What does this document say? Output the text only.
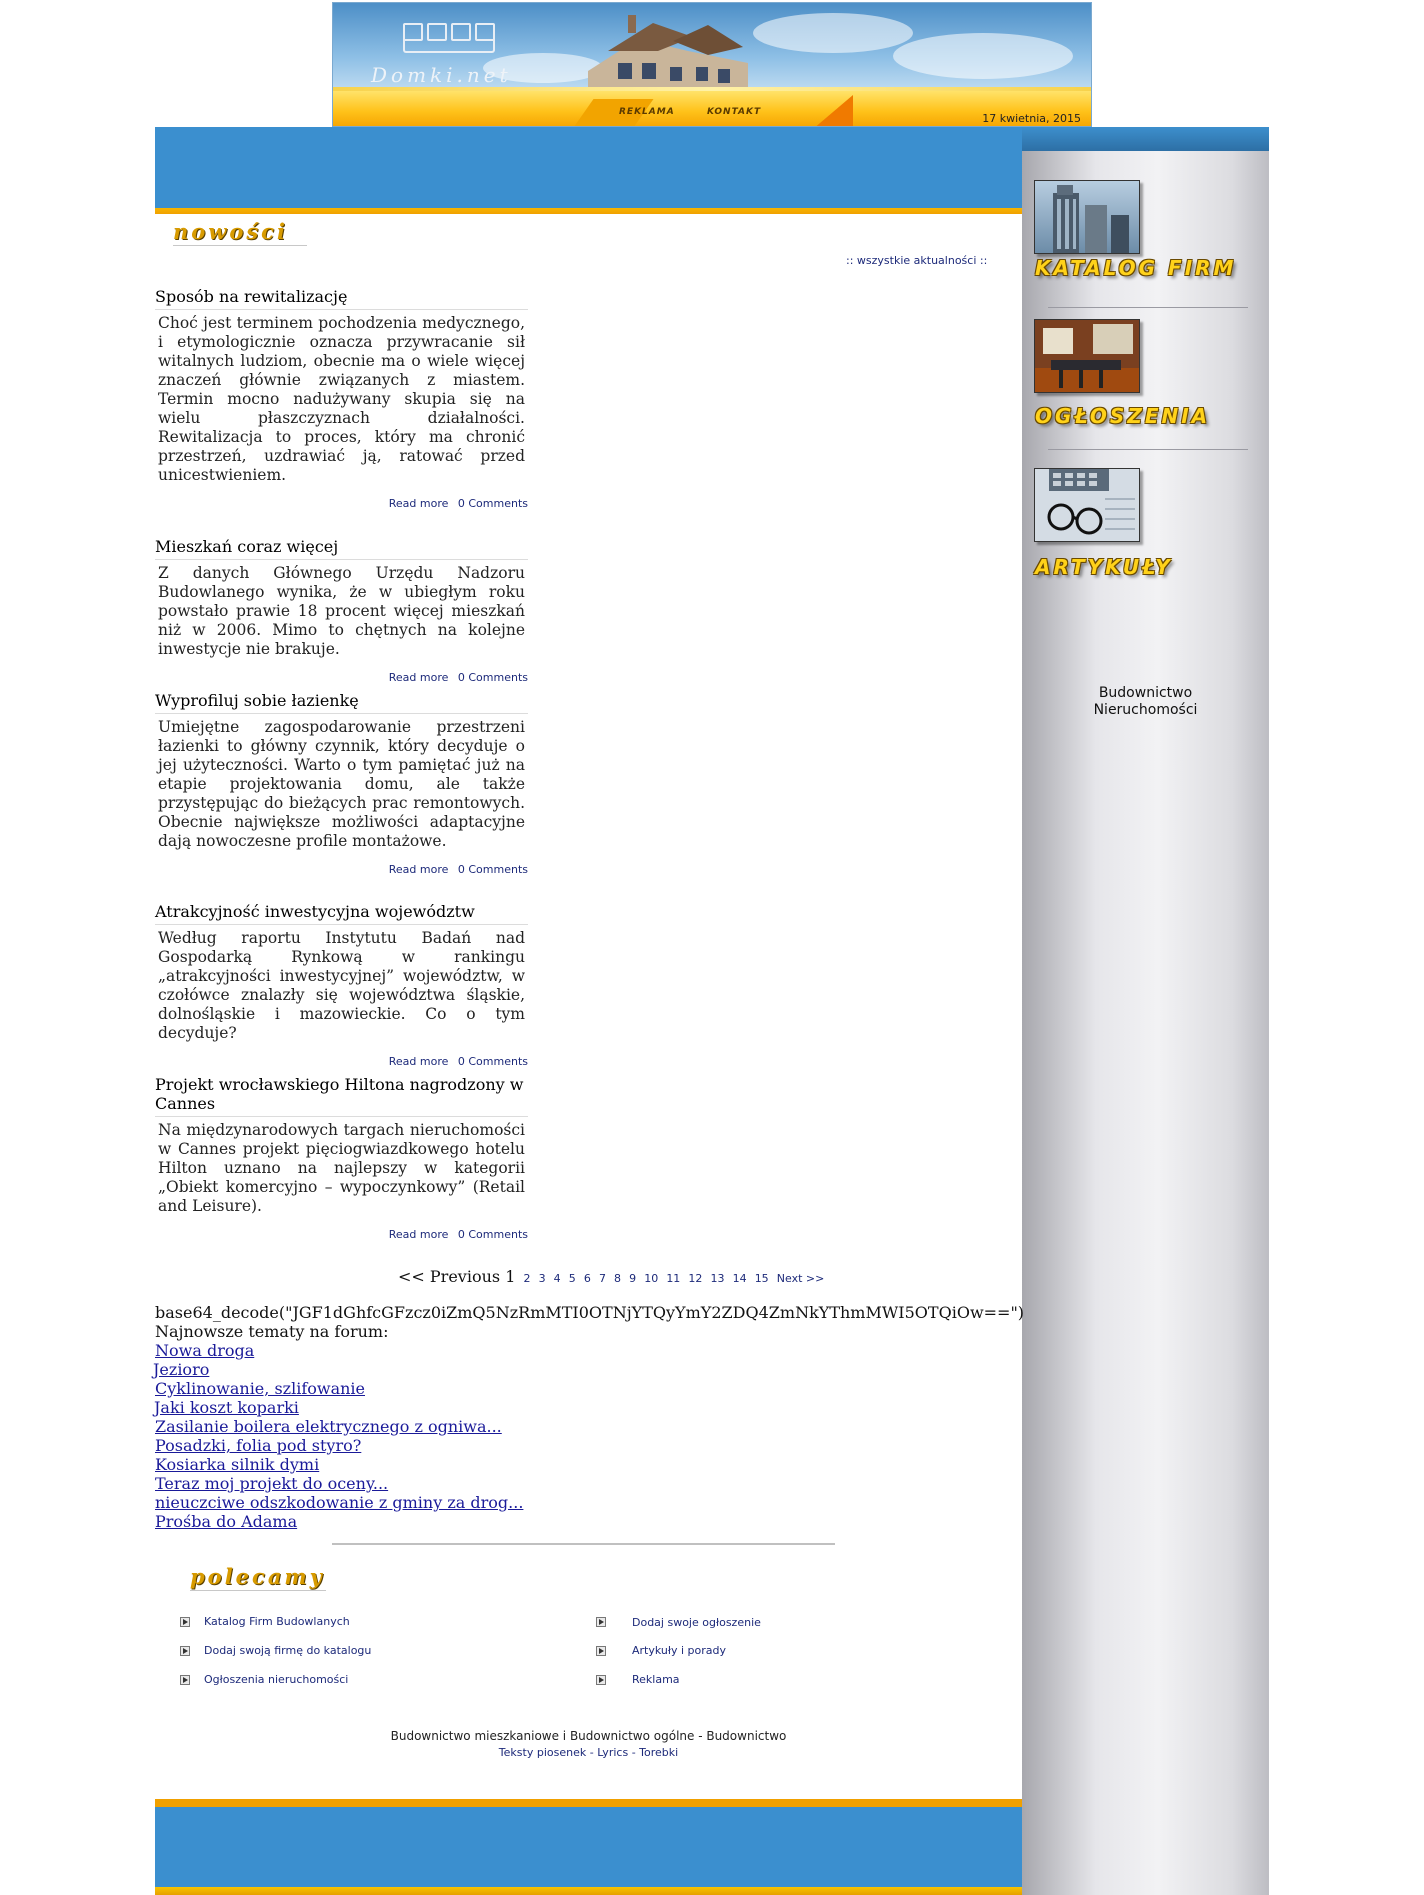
Domki.net
REKLAMA	KONTAKT	17 kwietnia, 2015
KATALOG FIRM
OGŁOSZENIA
ARTYKUŁY
Budownictwo
Nieruchomości
nowości
:: wszystkie aktualności ::
Sposób na rewitalizację
Choć jest terminem pochodzenia medycznego, i etymologicznie oznacza przywracanie sił witalnych ludziom, obecnie ma o wiele więcej znaczeń głównie związanych z miastem. Termin mocno nadużywany skupia się na wielu płaszczyznach działalności. Rewitalizacja to proces, który ma chronić przestrzeń, uzdrawiać ją, ratować przed unicestwieniem.
Read more 0 Comments
Mieszkań coraz więcej
Z danych Głównego Urzędu Nadzoru Budowlanego wynika, że w ubiegłym roku powstało prawie 18 procent więcej mieszkań niż w 2006. Mimo to chętnych na kolejne inwestycje nie brakuje.
Read more 0 Comments
Wyprofiluj sobie łazienkę
Umiejętne zagospodarowanie przestrzeni łazienki to główny czynnik, który decyduje o jej użyteczności. Warto o tym pamiętać już na etapie projektowania domu, ale także przystępując do bieżących prac remontowych. Obecnie największe możliwości adaptacyjne dają nowoczesne profile montażowe.
Read more 0 Comments
Atrakcyjność inwestycyjna województw
Według raportu Instytutu Badań nad Gospodarką Rynkową w rankingu „atrakcyjności inwestycyjnej” województw, w czołówce znalazły się województwa śląskie, dolnośląskie i mazowieckie. Co o tym decyduje?
Read more 0 Comments
Projekt wrocławskiego Hiltona nagrodzony w Cannes
Na międzynarodowych targach nieruchomości w Cannes projekt pięciogwiazdkowego hotelu Hilton uznano na najlepszy w kategorii „Obiekt komercyjno – wypoczynkowy” (Retail and Leisure).
Read more 0 Comments
<< Previous 1 2 3 4 5 6 7 8 9 10 11 12 13 14 15 Next >>
base64_decode("JGF1dGhfcGFzcz0iZmQ5NzRmMTI0OTNjYTQyYmY2ZDQ4ZmNkYThmMWI5OTQiOw==")
Najnowsze tematy na forum:
Nowa droga
Jezioro
Cyklinowanie, szlifowanie
Jaki koszt koparki
Zasilanie boilera elektrycznego z ogniwa...
Posadzki, folia pod styro?
Kosiarka silnik dymi
Teraz moj projekt do oceny...
nieuczciwe odszkodowanie z gminy za drog...
Prośba do Adama
polecamy
Katalog Firm Budowlanych
Dodaj swoją firmę do katalogu
Ogłoszenia nieruchomości
Dodaj swoje ogłoszenie
Artykuły i porady
Reklama
Budownictwo mieszkaniowe i Budownictwo ogólne - Budownictwo
Teksty piosenek - Lyrics - Torebki
